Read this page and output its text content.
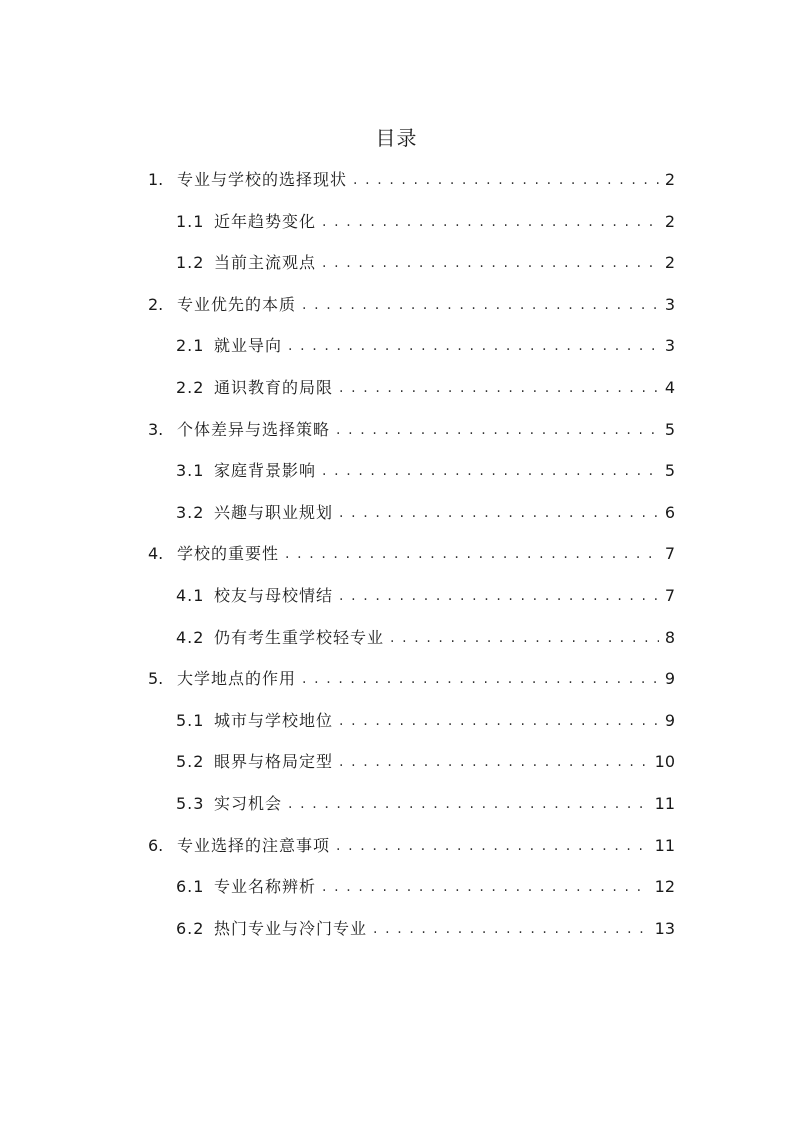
目录
1. 专业与学校的选择现状 . . .	2
1.1 近年趋势变化 . . .	2
1.2 当前主流观点 . . .	2
2. 专业优先的本质 . . .	3
2.1 就业导向 . . .	3
2.2 通识教育的局限 . . .	4
3. 个体差异与选择策略 . . .	5
3.1 家庭背景影响 . . .	5
3.2 兴趣与职业规划 . . .	6
4. 学校的重要性 . . .	7
4.1 校友与母校情结 . . .	7
4.2 仍有考生重学校轻专业 . . .	8
5. 大学地点的作用 . . .	9
5.1 城市与学校地位 . . .	9
5.2 眼界与格局定型 . . .	10
5.3 实习机会 . . .	11
6. 专业选择的注意事项 . . .	11
6.1 专业名称辨析 . . .	12
6.2 热门专业与冷门专业 . . .	13
